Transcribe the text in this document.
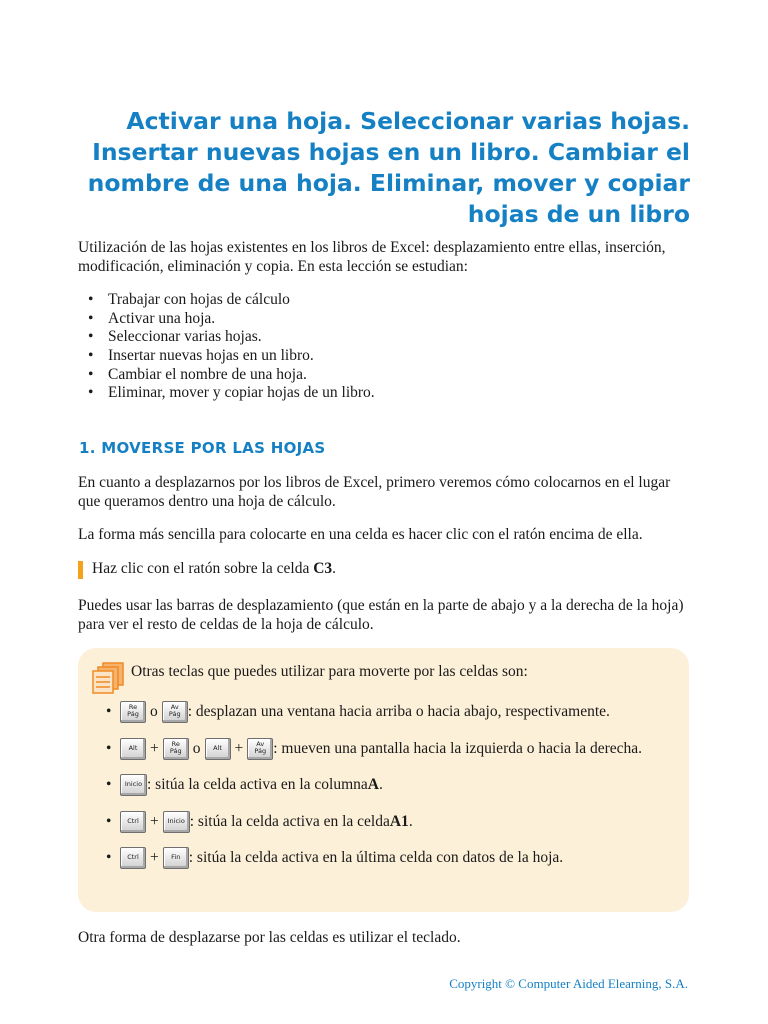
Activar una hoja. Seleccionar varias hojas.
Insertar nuevas hojas en un libro. Cambiar el
nombre de una hoja. Eliminar, mover y copiar
hojas de un libro
Utilización de las hojas existentes en los libros de Excel: desplazamiento entre ellas, inserción,
modificación, eliminación y copia. En esta lección se estudian:
• Trabajar con hojas de cálculo
• Activar una hoja.
• Seleccionar varias hojas.
• Insertar nuevas hojas en un libro.
• Cambiar el nombre de una hoja.
• Eliminar, mover y copiar hojas de un libro.
1. MOVERSE POR LAS HOJAS
En cuanto a desplazarnos por los libros de Excel, primero veremos cómo colocarnos en el lugar
que queramos dentro una hoja de cálculo.
La forma más sencilla para colocarte en una celda es hacer clic con el ratón encima de ella.
Haz clic con el ratón sobre la celda C3.
Puedes usar las barras de desplazamiento (que están en la parte de abajo y a la derecha de la hoja)
para ver el resto de celdas de la hoja de cálculo.
Otras teclas que puedes utilizar para moverte por las celdas son:
•	Re
Pág o	Av
Pág : desplazan una ventana hacia arriba o hacia abajo, respectivamente.
•	Alt +	Re
Pág o	Alt +	Av
Pág : mueven una pantalla hacia la izquierda o hacia la derecha.
•	Inicio : sitúa la celda activa en la columna A .
•	Ctrl +	Inicio : sitúa la celda activa en la celda A1 .
•	Ctrl +	Fin : sitúa la celda activa en la última celda con datos de la hoja.
Otra forma de desplazarse por las celdas es utilizar el teclado.
Copyright © Computer Aided Elearning, S.A.
